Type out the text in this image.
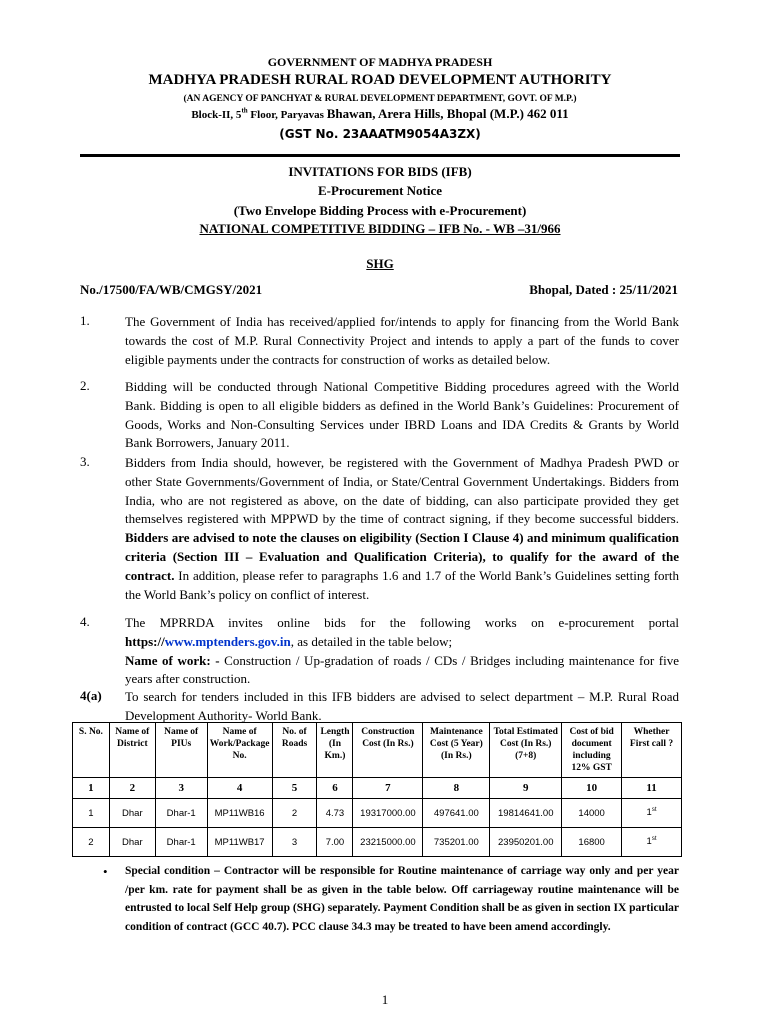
GOVERNMENT OF MADHYA PRADESH
MADHYA PRADESH RURAL ROAD DEVELOPMENT AUTHORITY
(AN AGENCY OF PANCHYAT & RURAL DEVELOPMENT DEPARTMENT, GOVT. OF M.P.)
Block-II, 5th Floor, Paryavas Bhawan, Arera Hills, Bhopal (M.P.) 462 011
(GST No. 23AAATM9054A3ZX)
INVITATIONS FOR BIDS (IFB)
E-Procurement Notice
(Two Envelope Bidding Process with e-Procurement)
NATIONAL COMPETITIVE BIDDING – IFB No. - WB –31/966
SHG
No./17500/FA/WB/CMGSY/2021	Bhopal, Dated : 25/11/2021
1.	The Government of India has received/applied for/intends to apply for financing from the World Bank towards the cost of M.P. Rural Connectivity Project and intends to apply a part of the funds to cover eligible payments under the contracts for construction of works as detailed below.
2.	Bidding will be conducted through National Competitive Bidding procedures agreed with the World Bank. Bidding is open to all eligible bidders as defined in the World Bank’s Guidelines: Procurement of Goods, Works and Non-Consulting Services under IBRD Loans and IDA Credits & Grants by World Bank Borrowers, January 2011.
3.	Bidders from India should, however, be registered with the Government of Madhya Pradesh PWD or other State Governments/Government of India, or State/Central Government Undertakings. Bidders from India, who are not registered as above, on the date of bidding, can also participate provided they get themselves registered with MPPWD by the time of contract signing, if they become successful bidders. Bidders are advised to note the clauses on eligibility (Section I Clause 4) and minimum qualification criteria (Section III – Evaluation and Qualification Criteria), to qualify for the award of the contract. In addition, please refer to paragraphs 1.6 and 1.7 of the World Bank’s Guidelines setting forth the World Bank’s policy on conflict of interest.
4.	The MPRRDA invites online bids for the following works on e-procurement portal https://www.mptenders.gov.in, as detailed in the table below;
Name of work: - Construction / Up-gradation of roads / CDs / Bridges including maintenance for five years after construction.
4(a) To search for tenders included in this IFB bidders are advised to select department – M.P. Rural Road Development Authority- World Bank.
S. No.	Name of District	Name of PIUs	Name of Work/Package No.	No. of Roads	Length (In Km.)	Construction Cost (In Rs.)	Maintenance Cost (5 Year) (In Rs.)	Total Estimated Cost (In Rs.) (7+8)	Cost of bid document including 12% GST	Whether First call ?
1	2	3	4	5	6	7	8	9	10	11
1	Dhar	Dhar-1	MP11WB16	2	4.73	19317000.00	497641.00	19814641.00	14000	1st
2	Dhar	Dhar-1	MP11WB17	3	7.00	23215000.00	735201.00	23950201.00	16800	1st
• Special condition – Contractor will be responsible for Routine maintenance of carriage way only and per year /per km. rate for payment shall be as given in the table below. Off carriageway routine maintenance will be entrusted to local Self Help group (SHG) separately. Payment Condition shall be as given in section IX particular condition of contract (GCC 40.7). PCC clause 34.3 may be treated to have been amend accordingly.
1
